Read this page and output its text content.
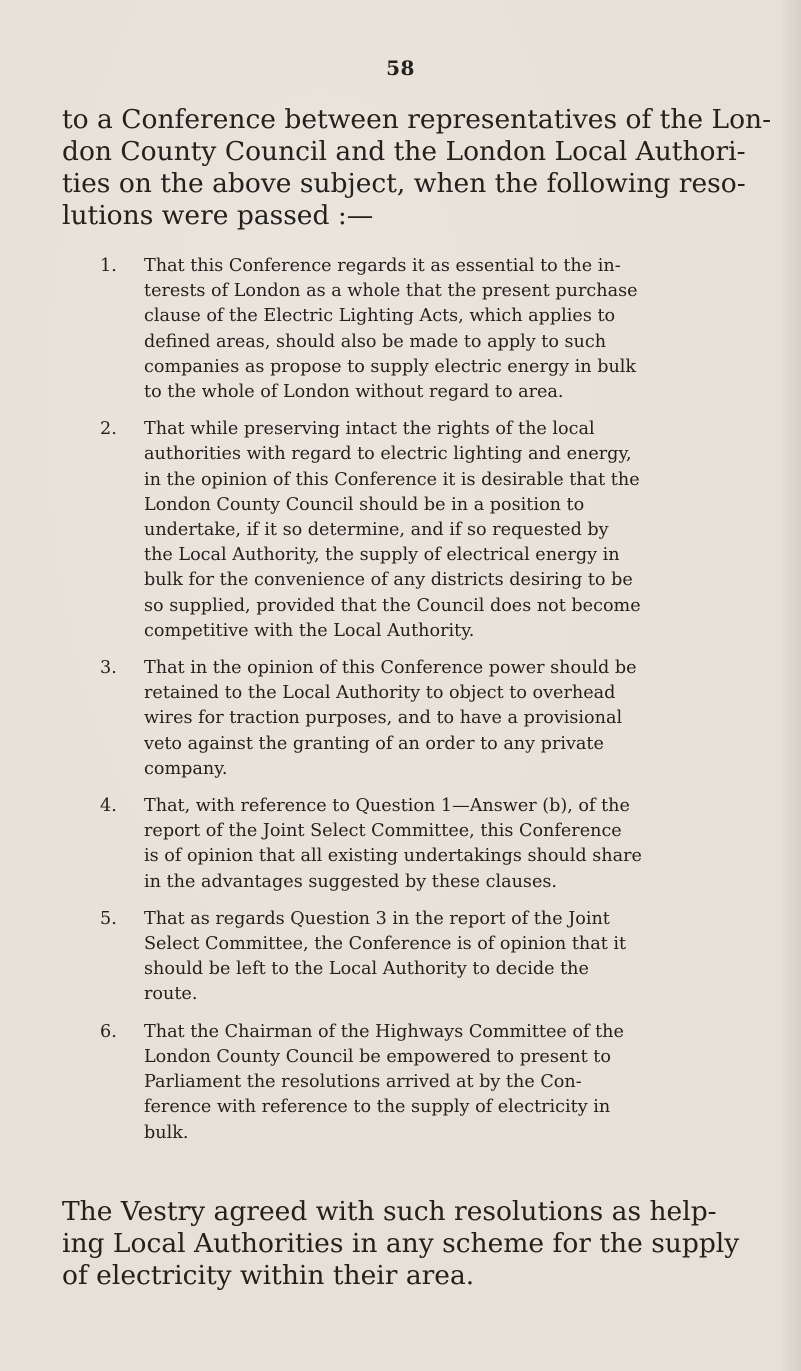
58

to a Conference between representatives of the Lon-
don County Council and the London Local Authori-
ties on the above subject, when the following reso-
lutions were passed :—

1. That this Conference regards it as essential to the in-
terests of London as a whole that the present purchase
clause of the Electric Lighting Acts, which applies to
defined areas, should also be made to apply to such
companies as propose to supply electric energy in bulk
to the whole of London without regard to area.
2. That while preserving intact the rights of the local
authorities with regard to electric lighting and energy,
in the opinion of this Conference it is desirable that the
London County Council should be in a position to
undertake, if it so determine, and if so requested by
the Local Authority, the supply of electrical energy in
bulk for the convenience of any districts desiring to be
so supplied, provided that the Council does not become
competitive with the Local Authority.
3. That in the opinion of this Conference power should be
retained to the Local Authority to object to overhead
wires for traction purposes, and to have a provisional
veto against the granting of an order to any private
company.
4. That, with reference to Question 1—Answer (b), of the
report of the Joint Select Committee, this Conference
is of opinion that all existing undertakings should share
in the advantages suggested by these clauses.
5. That as regards Question 3 in the report of the Joint
Select Committee, the Conference is of opinion that it
should be left to the Local Authority to decide the
route.
6. That the Chairman of the Highways Committee of the
London County Council be empowered to present to
Parliament the resolutions arrived at by the Con-
ference with reference to the supply of electricity in
bulk.

The Vestry agreed with such resolutions as help-
ing Local Authorities in any scheme for the supply
of electricity within their area.
